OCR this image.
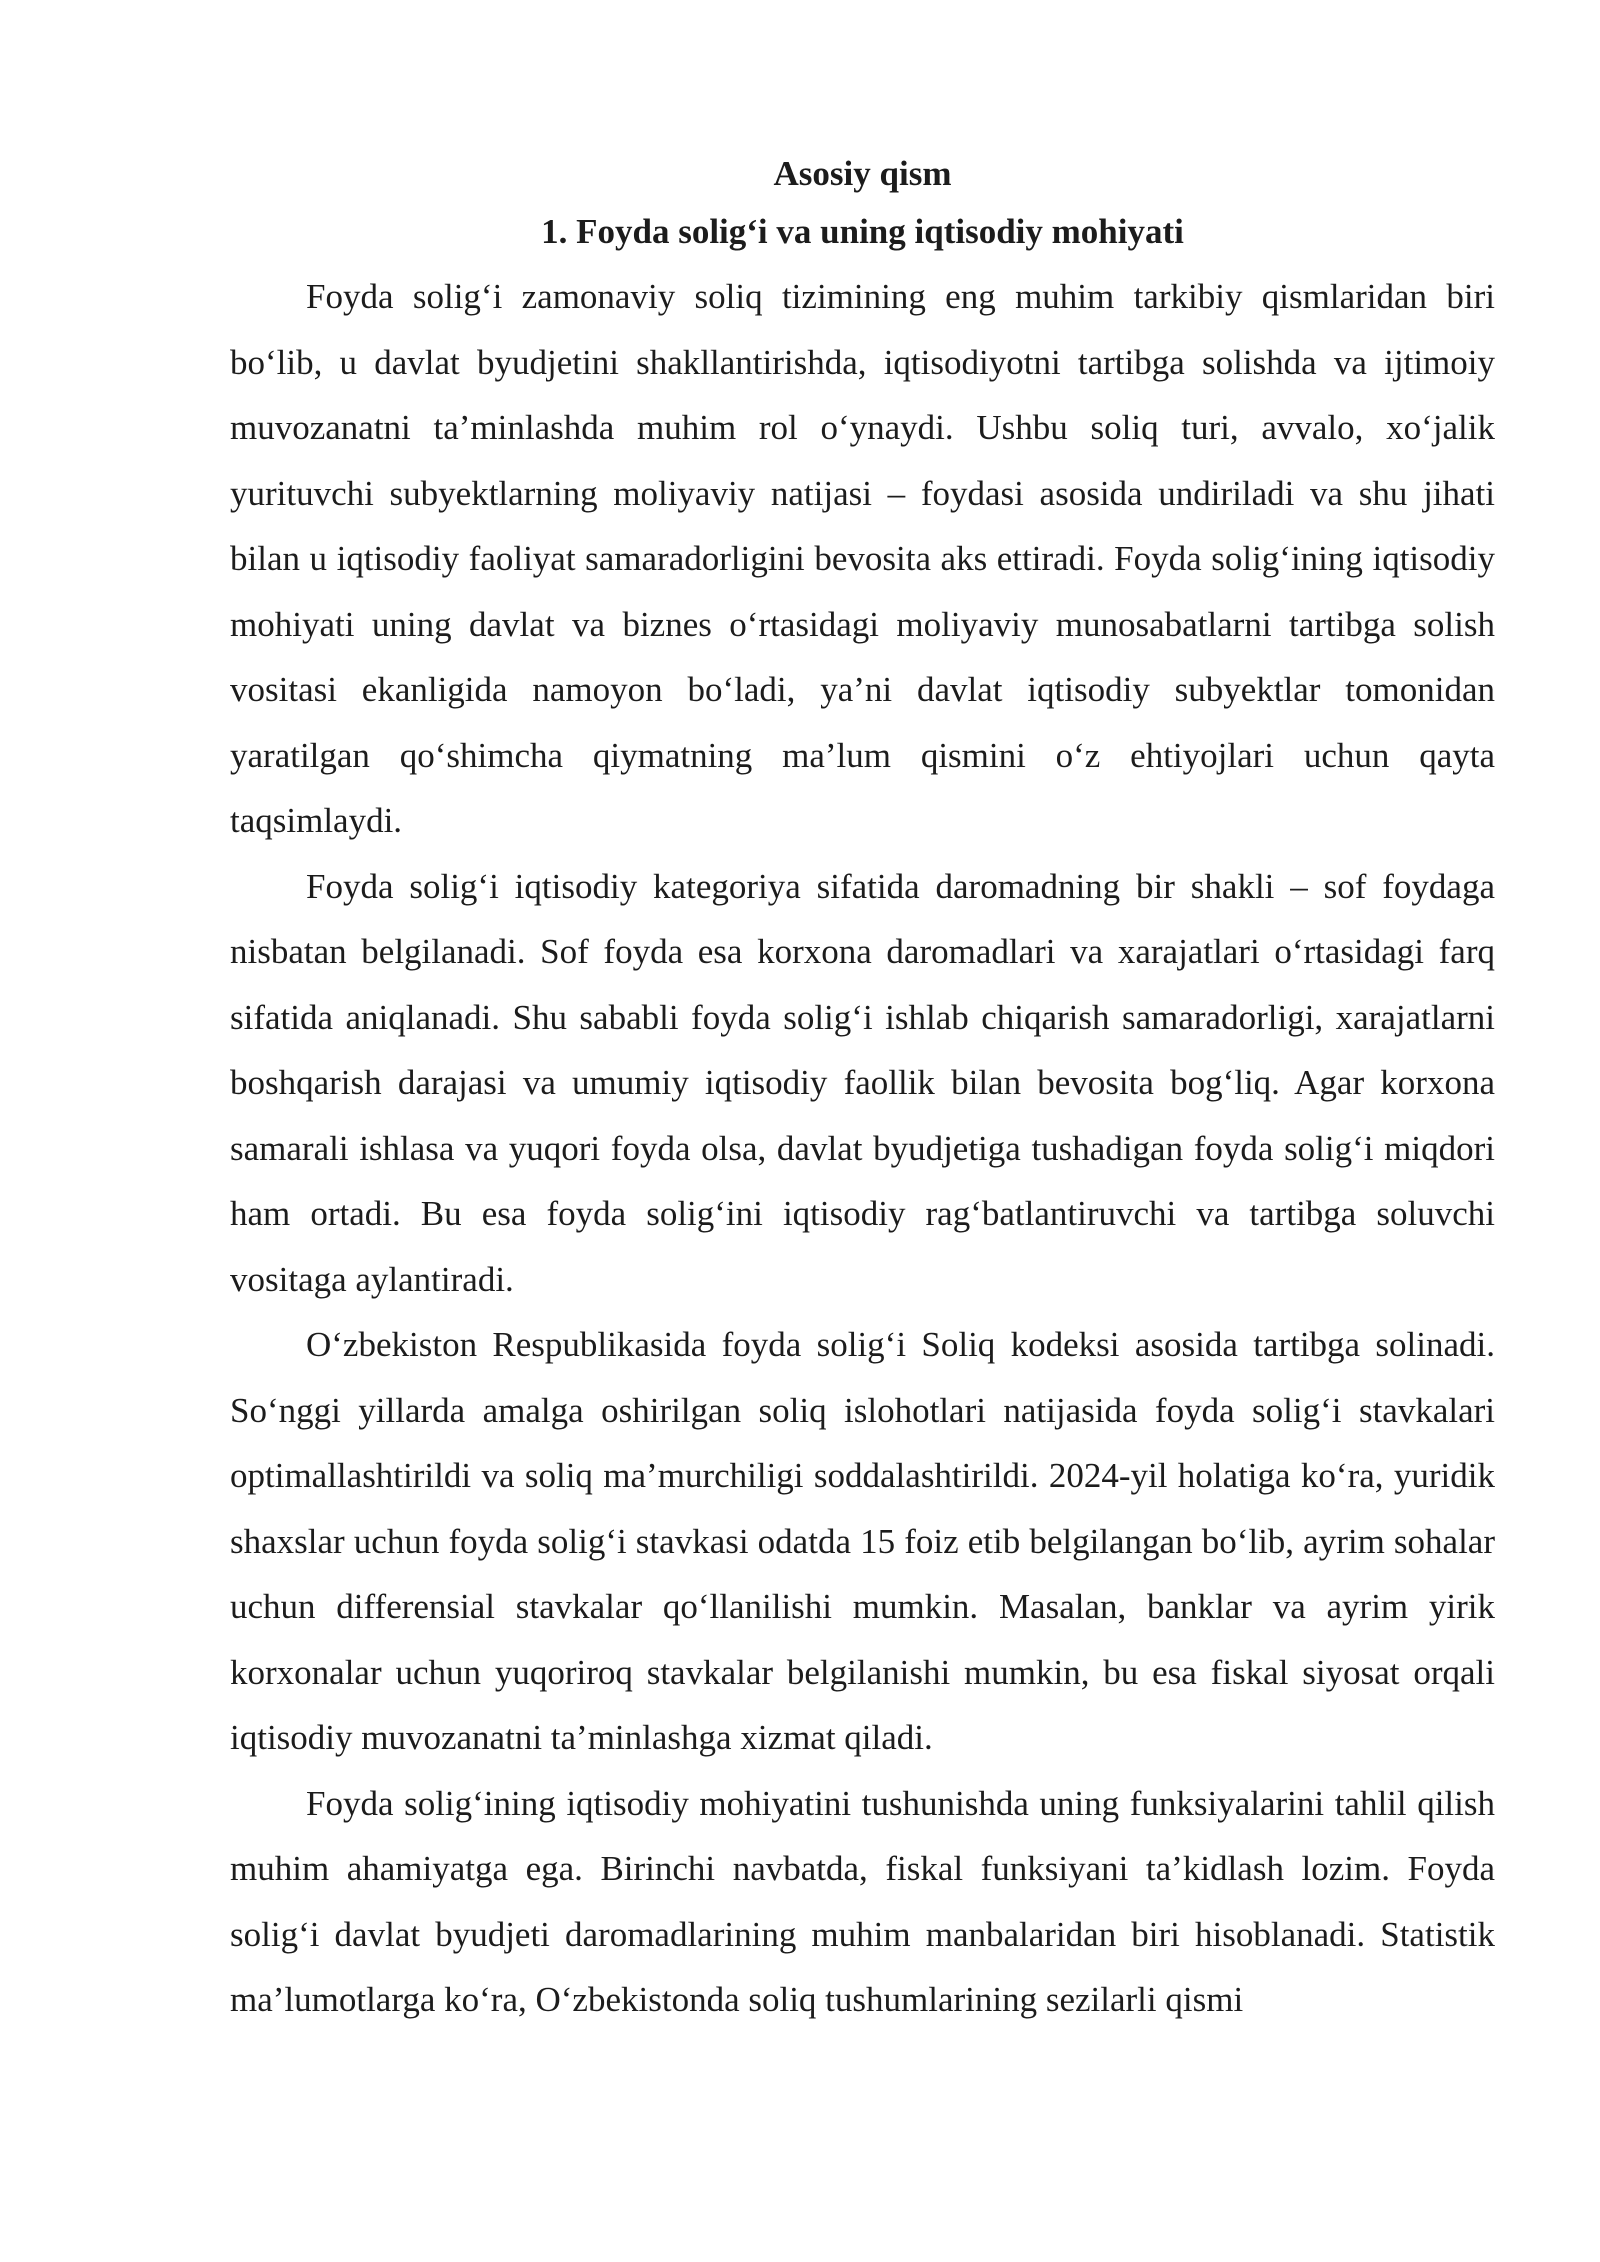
Asosiy qism
1. Foyda solig‘i va uning iqtisodiy mohiyati

Foyda solig‘i zamonaviy soliq tizimining eng muhim tarkibiy qismlaridan biri bo‘lib, u davlat byudjetini shakllantirishda, iqtisodiyotni tartibga solishda va ijtimoiy muvozanatni ta’minlashda muhim rol o‘ynaydi. Ushbu soliq turi, avvalo, xo‘jalik yurituvchi subyektlarning moliyaviy natijasi – foydasi asosida undiriladi va shu jihati bilan u iqtisodiy faoliyat samaradorligini bevosita aks ettiradi. Foyda solig‘ining iqtisodiy mohiyati uning davlat va biznes o‘rtasidagi moliyaviy munosabatlarni tartibga solish vositasi ekanligida namoyon bo‘ladi, ya’ni davlat iqtisodiy subyektlar tomonidan yaratilgan qo‘shimcha qiymatning ma’lum qismini o‘z ehtiyojlari uchun qayta taqsimlaydi.

Foyda solig‘i iqtisodiy kategoriya sifatida daromadning bir shakli – sof foydaga nisbatan belgilanadi. Sof foyda esa korxona daromadlari va xarajatlari o‘rtasidagi farq sifatida aniqlanadi. Shu sababli foyda solig‘i ishlab chiqarish samaradorligi, xarajatlarni boshqarish darajasi va umumiy iqtisodiy faollik bilan bevosita bog‘liq. Agar korxona samarali ishlasa va yuqori foyda olsa, davlat byudjetiga tushadigan foyda solig‘i miqdori ham ortadi. Bu esa foyda solig‘ini iqtisodiy rag‘batlantiruvchi va tartibga soluvchi vositaga aylantiradi.

O‘zbekiston Respublikasida foyda solig‘i Soliq kodeksi asosida tartibga solinadi. So‘nggi yillarda amalga oshirilgan soliq islohotlari natijasida foyda solig‘i stavkalari optimallashtirildi va soliq ma’murchiligi soddalashtirildi. 2024-yil holatiga ko‘ra, yuridik shaxslar uchun foyda solig‘i stavkasi odatda 15 foiz etib belgilangan bo‘lib, ayrim sohalar uchun differensial stavkalar qo‘llanilishi mumkin. Masalan, banklar va ayrim yirik korxonalar uchun yuqoriroq stavkalar belgilanishi mumkin, bu esa fiskal siyosat orqali iqtisodiy muvozanatni ta’minlashga xizmat qiladi.

Foyda solig‘ining iqtisodiy mohiyatini tushunishda uning funksiyalarini tahlil qilish muhim ahamiyatga ega. Birinchi navbatda, fiskal funksiyani ta’kidlash lozim. Foyda solig‘i davlat byudjeti daromadlarining muhim manbalaridan biri hisoblanadi. Statistik ma’lumotlarga ko‘ra, O‘zbekistonda soliq tushumlarining sezilarli qismi
